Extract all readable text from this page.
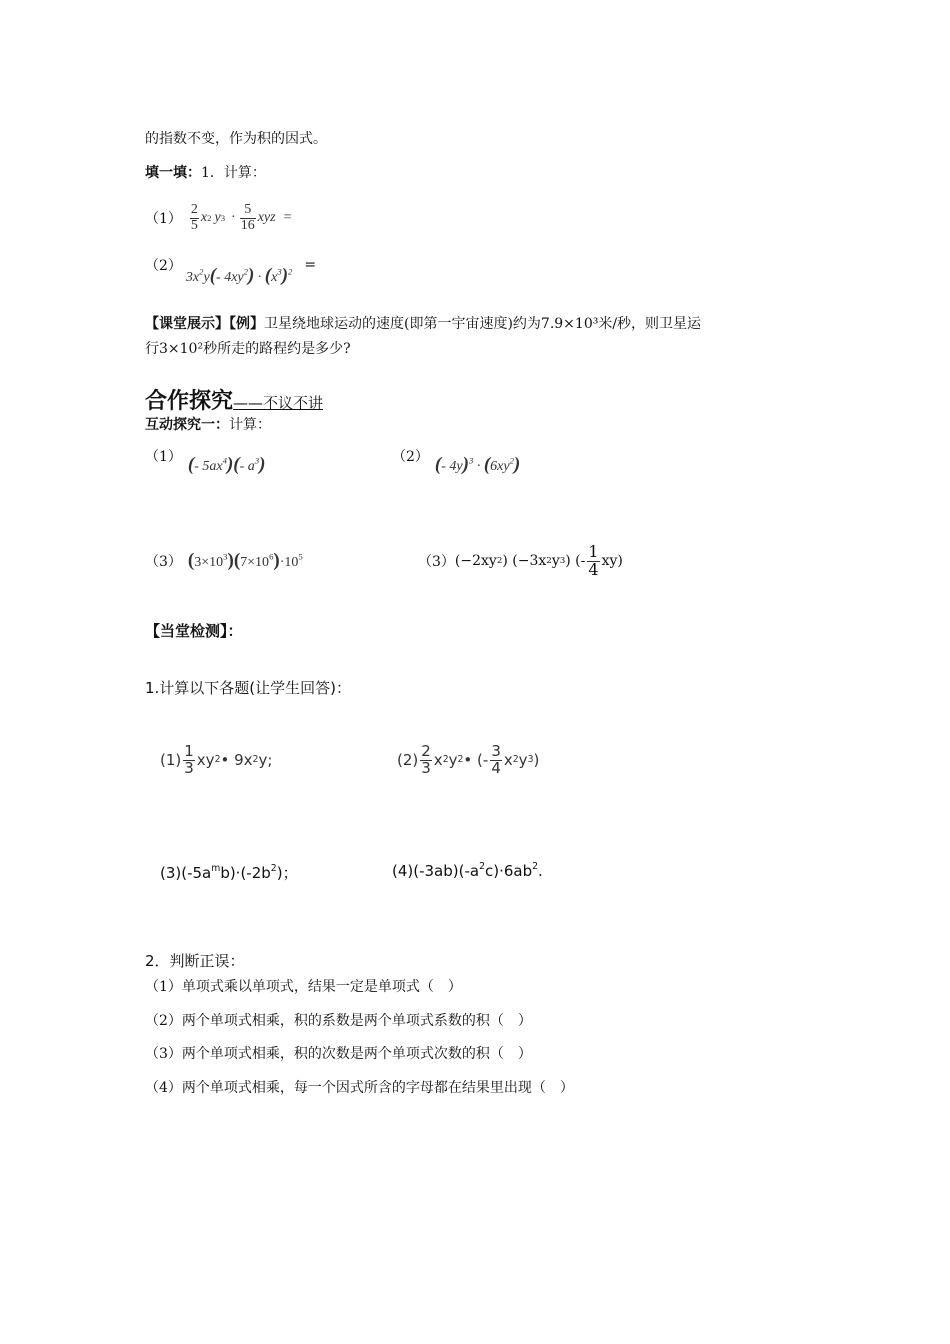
的指数不变，作为积的因式。
填一填：1．计算：
$(1) \frac{2}{5}$ x 2 y $3 \cdot \frac{5}{16}$ xyz =
（2）
$3x^2y(-$ $4xy^2) \cdot (x^3)^2$ =
【课堂展示】【例】卫星绕地球运动的速度(即第一宇宙速度)约为7.9×10³米/秒，则卫星运
行3×10²秒所走的路程约是多少?
合作探究——不议不讲
互动探究一：计算：
（1） (- $5ax^4)(-$ $a^3$)	（2） (- $4y)^3 \cdot (6xy^2)$
（3） $(3\times 10^3)(7\times 10^6)\cdot 10^5$	（3） (−2xy 2 ) (−3x 2 y 3 ) (- $\frac{1}{4} xy$)
【当堂检测】：
1.计算以下各题(让学生回答)：
$(1) \frac{1}{3}$ xy 2 • 9x 2 y;	$(2) \frac{2}{3}$ x 2 y 2 • (- $\frac{3}{4}$ x 2 y 3 )
$(3)(-5a^mb)\cdot(-2b^2)$；	$(4)(-3ab)(-a^2c)\cdot 6ab^2$.
2．判断正误：
（1）单项式乘以单项式，结果一定是单项式（　）
（2）两个单项式相乘，积的系数是两个单项式系数的积（　）
（3）两个单项式相乘，积的次数是两个单项式次数的积（　）
（4）两个单项式相乘，每一个因式所含的字母都在结果里出现（　）
